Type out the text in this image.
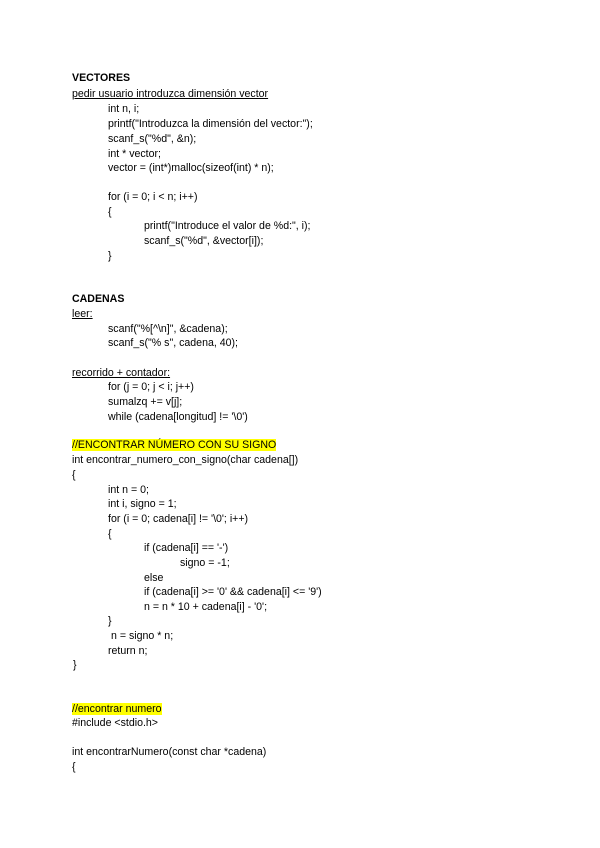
VECTORES
pedir usuario introduzca dimensión vector
int n, i;
printf("Introduzca la dimensión del vector:");
scanf_s("%d", &n);
int * vector;
vector = (int*)malloc(sizeof(int) * n);
for (i = 0; i < n; i++)
{
printf("Introduce el valor de %d:", i);
scanf_s("%d", &vector[i]);
}
CADENAS
leer:
scanf("%[^\n]", &cadena);
scanf_s("% s", cadena, 40);
recorrido + contador:
for (j = 0; j < i; j++)
sumalzq += v[j];
while (cadena[longitud] != '\0')
//ENCONTRAR NÚMERO CON SU SIGNO
int encontrar_numero_con_signo(char cadena[])
{
int n = 0;
int i, signo = 1;
for (i = 0; cadena[i] != '\0'; i++)
{
if (cadena[i] == '-')
signo = -1;
else
if (cadena[i] >= '0' && cadena[i] <= '9')
n = n * 10 + cadena[i] - '0';
}
n = signo * n;
return n;
}
//encontrar numero
#include <stdio.h>
int encontrarNumero(const char *cadena)
{
